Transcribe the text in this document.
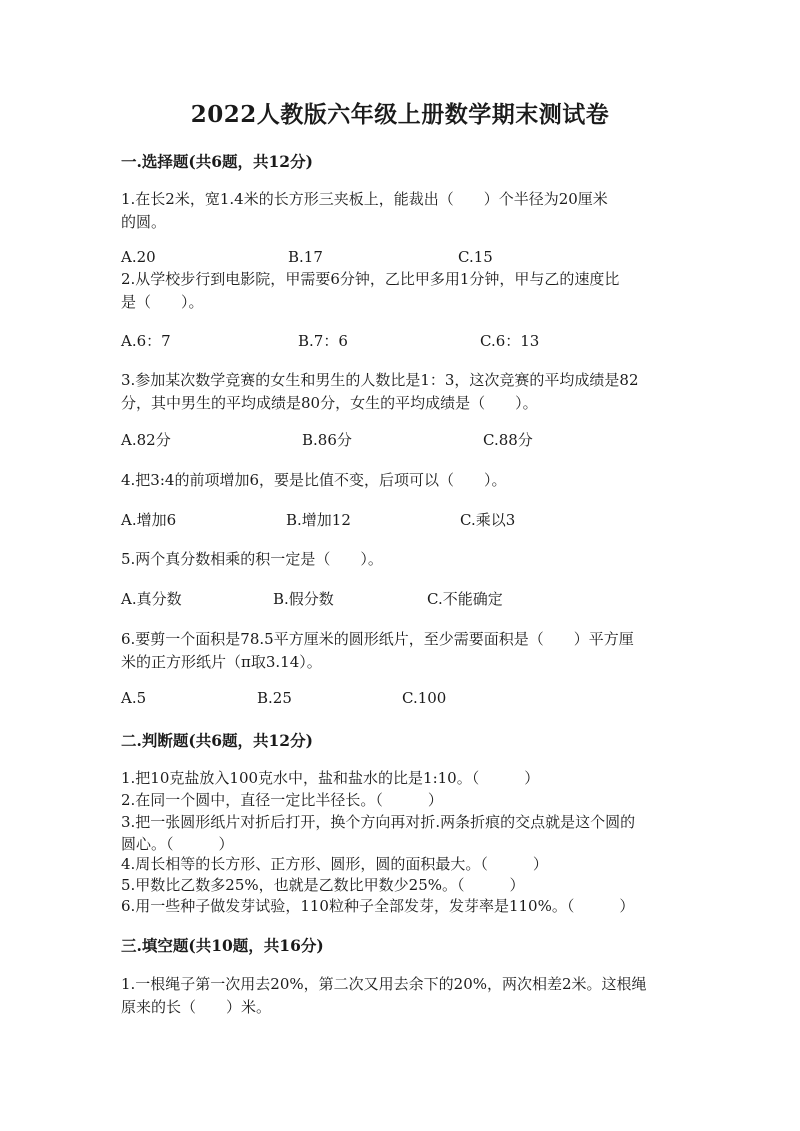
2022人教版六年级上册数学期末测试卷
一.选择题(共6题，共12分)
1.在长2米，宽1.4米的长方形三夹板上，能裁出（　　）个半径为20厘米
的圆。
A.20	B.17	C.15
2.从学校步行到电影院，甲需要6分钟，乙比甲多用1分钟，甲与乙的速度比
是（　　）。
A.6：7	B.7：6	C.6：13
3.参加某次数学竞赛的女生和男生的人数比是1：3，这次竞赛的平均成绩是82
分，其中男生的平均成绩是80分，女生的平均成绩是（　　）。
A.82分	B.86分	C.88分
4.把3:4的前项增加6，要是比值不变，后项可以（　　）。
A.增加6	B.增加12	C.乘以3
5.两个真分数相乘的积一定是（　　）。
A.真分数	B.假分数	C.不能确定
6.要剪一个面积是78.5平方厘米的圆形纸片，至少需要面积是（　　）平方厘
米的正方形纸片（π取3.14）。
A.5	B.25	C.100
二.判断题(共6题，共12分)
1.把10克盐放入100克水中，盐和盐水的比是1:10。（　　　）
2.在同一个圆中，直径一定比半径长。（　　　）
3.把一张圆形纸片对折后打开，换个方向再对折.两条折痕的交点就是这个圆的
圆心。（　　　）
4.周长相等的长方形、正方形、圆形，圆的面积最大。（　　　）
5.甲数比乙数多25%，也就是乙数比甲数少25%。（　　　）
6.用一些种子做发芽试验，110粒种子全部发芽，发芽率是110%。（　　　）
三.填空题(共10题，共16分)
1.一根绳子第一次用去20%，第二次又用去余下的20%，两次相差2米。这根绳
原来的长（　　）米。
